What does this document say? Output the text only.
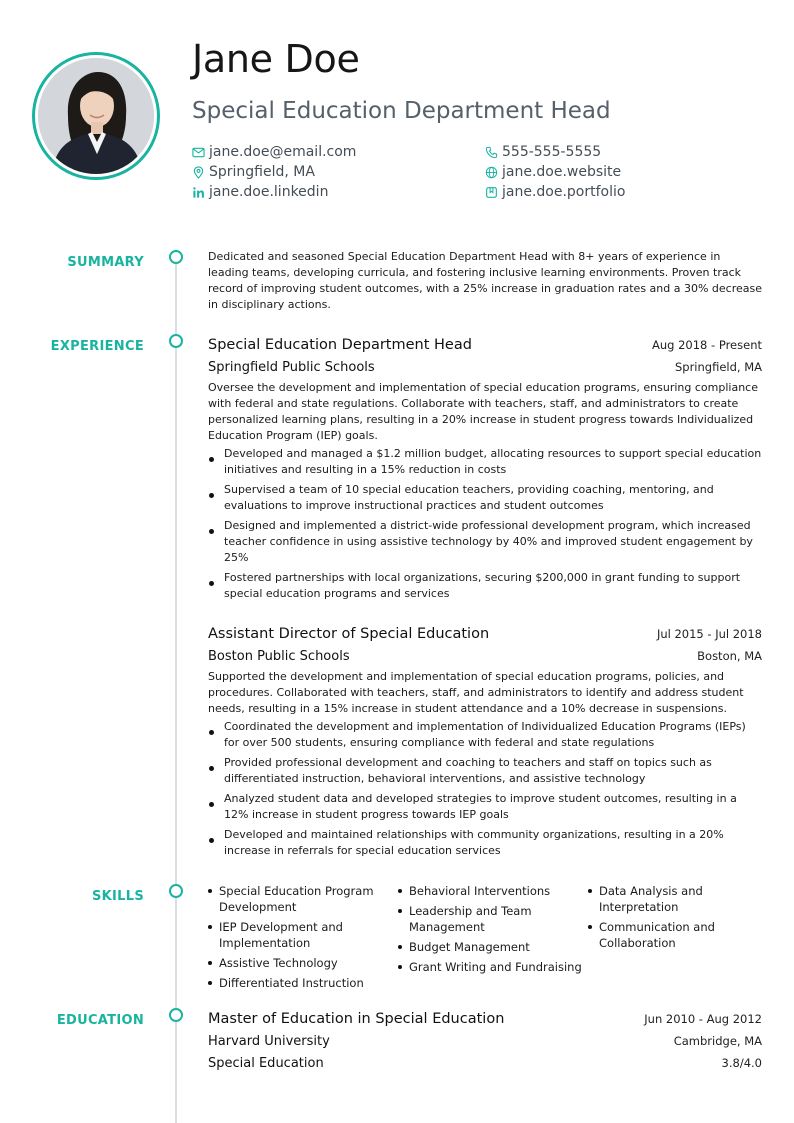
Jane Doe
Special Education Department Head
jane.doe@email.com	555-555-5555
Springfield, MA	jane.doe.website
jane.doe.linkedin	jane.doe.portfolio
SUMMARY	Dedicated and seasoned Special Education Department Head with 8+ years of experience in leading teams, developing curricula, and fostering inclusive learning environments. Proven track record of improving student outcomes, with a 25% increase in graduation rates and a 30% decrease in disciplinary actions.

EXPERIENCE	Special Education Department Head	Aug 2018 - Present
Springfield Public Schools	Springfield, MA

Oversee the development and implementation of special education programs, ensuring compliance with federal and state regulations. Collaborate with teachers, staff, and administrators to create personalized learning plans, resulting in a 20% increase in student progress towards Individualized Education Program (IEP) goals.

Developed and managed a $1.2 million budget, allocating resources to support special education initiatives and resulting in a 15% reduction in costs
Supervised a team of 10 special education teachers, providing coaching, mentoring, and evaluations to improve instructional practices and student outcomes
Designed and implemented a district-wide professional development program, which increased teacher confidence in using assistive technology by 40% and improved student engagement by 25%
Fostered partnerships with local organizations, securing $200,000 in grant funding to support special education programs and services
Assistant Director of Special Education	Jul 2015 - Jul 2018
Boston Public Schools	Boston, MA

Supported the development and implementation of special education programs, policies, and procedures. Collaborated with teachers, staff, and administrators to identify and address student needs, resulting in a 15% increase in student attendance and a 10% decrease in suspensions.

Coordinated the development and implementation of Individualized Education Programs (IEPs) for over 500 students, ensuring compliance with federal and state regulations
Provided professional development and coaching to teachers and staff on topics such as differentiated instruction, behavioral interventions, and assistive technology
Analyzed student data and developed strategies to improve student outcomes, resulting in a 12% increase in student progress towards IEP goals
Developed and maintained relationships with community organizations, resulting in a 20% increase in referrals for special education services
SKILLS	Special Education Program Development
IEP Development and Implementation
Assistive Technology
Differentiated Instruction
Behavioral Interventions
Leadership and Team Management
Budget Management
Grant Writing and Fundraising
Data Analysis and Interpretation
Communication and Collaboration
EDUCATION	Master of Education in Special Education	Jun 2010 - Aug 2012
Harvard University	Cambridge, MA
Special Education	3.8/4.0
